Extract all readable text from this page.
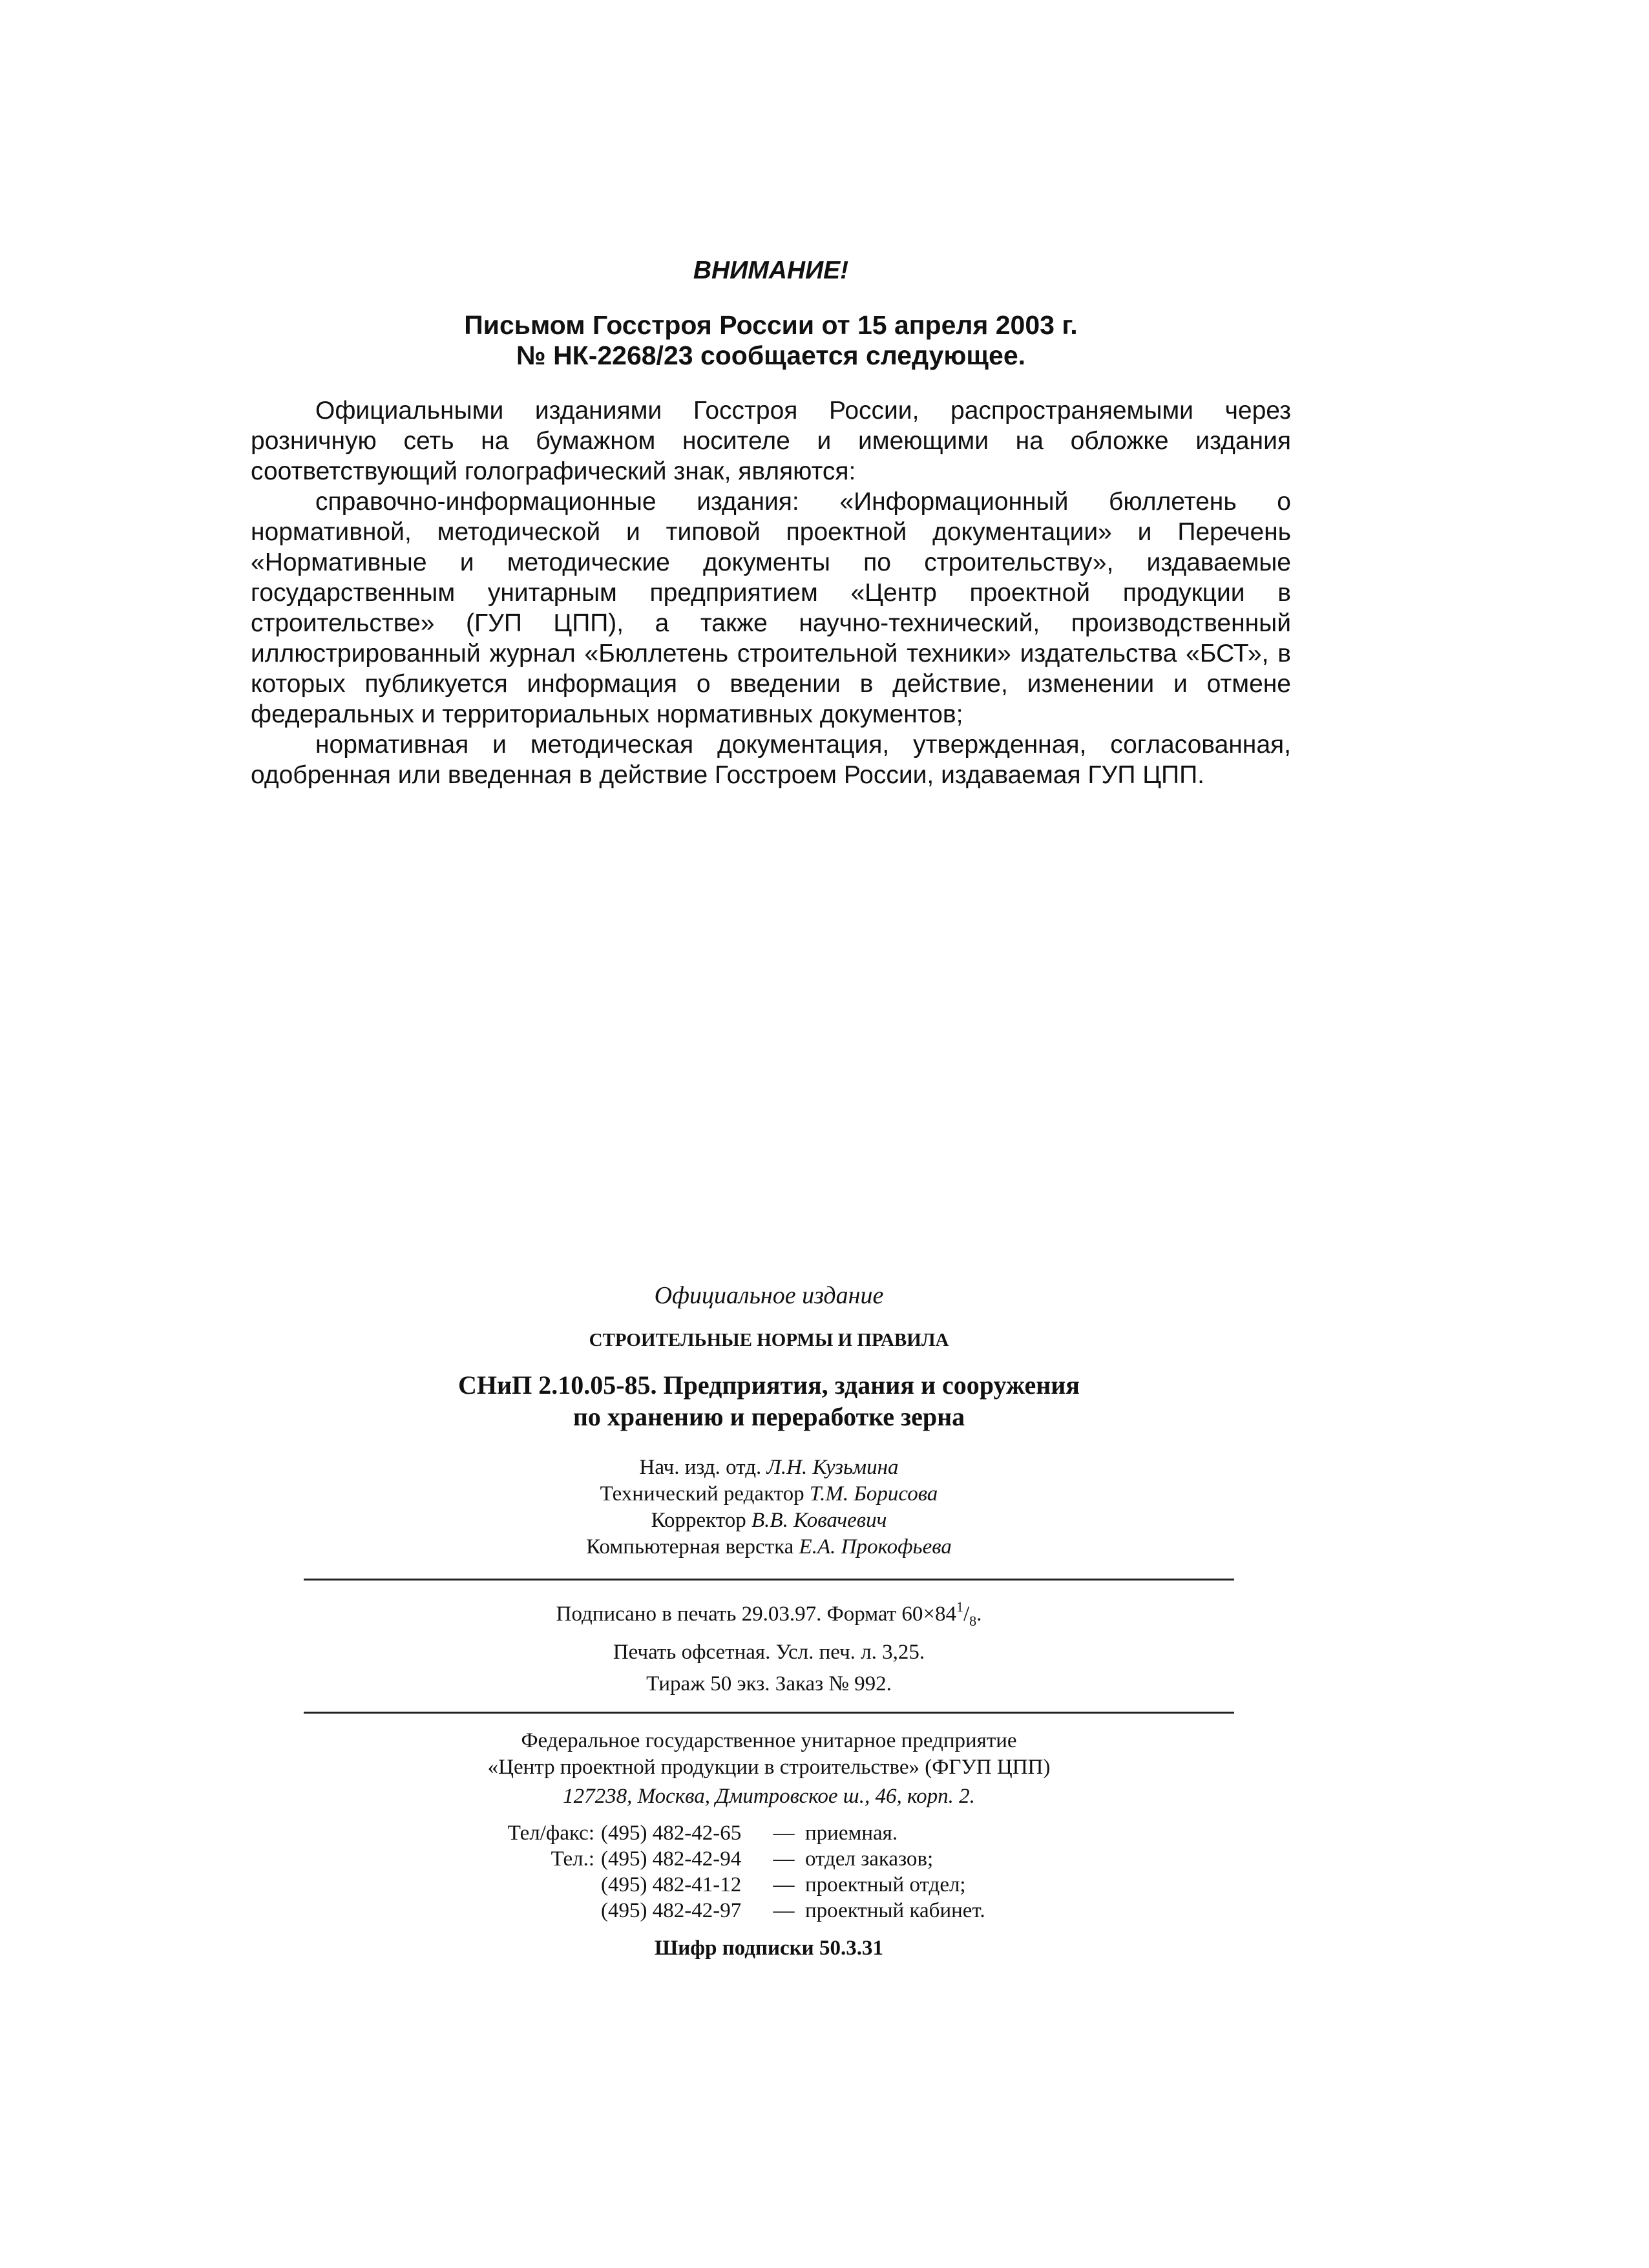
ВНИМАНИЕ!
Письмом Госстроя России от 15 апреля 2003 г.
№ НК-2268/23 сообщается следующее.

Официальными изданиями Госстроя России, распространяемыми через розничную сеть на бумажном носителе и имеющими на обложке издания соответствующий голографический знак, являются:

справочно-информационные издания: «Информационный бюллетень о нормативной, методической и типовой проектной документации» и Перечень «Нормативные и методические документы по строительству», издаваемые государственным унитарным предприятием «Центр проектной продукции в строительстве» (ГУП ЦПП), а также научно-технический, производственный иллюстрированный журнал «Бюллетень строительной техники» издательства «БСТ», в которых публикуется информация о введении в действие, изменении и отмене федеральных и территориальных нормативных документов;

нормативная и методическая документация, утвержденная, согласованная, одобренная или введенная в действие Госстроем России, издаваемая ГУП ЦПП.

Официальное издание
СТРОИТЕЛЬНЫЕ НОРМЫ И ПРАВИЛА
СНиП 2.10.05-85. Предприятия, здания и сооружения
по хранению и переработке зерна
Нач. изд. отд. Л.Н. Кузьмина
Технический редактор Т.М. Борисова
Корректор В.В. Ковачевич
Компьютерная верстка Е.А. Прокофьева
Подписано в печать 29.03.97. Формат $60\times 84^1/_8$.
Печать офсетная. Усл. печ. л. 3,25.
Тираж 50 экз. Заказ № 992.
Федеральное государственное унитарное предприятие
«Центр проектной продукции в строительстве» (ФГУП ЦПП)
127238, Москва, Дмитровское ш., 46, корп. 2.
Тел/факс: (495) 482-42-65	— приемная.
Тел.: (495) 482-42-94	— отдел заказов;
(495) 482-41-12	— проектный отдел;
(495) 482-42-97	— проектный кабинет.
Шифр подписки 50.3.31
